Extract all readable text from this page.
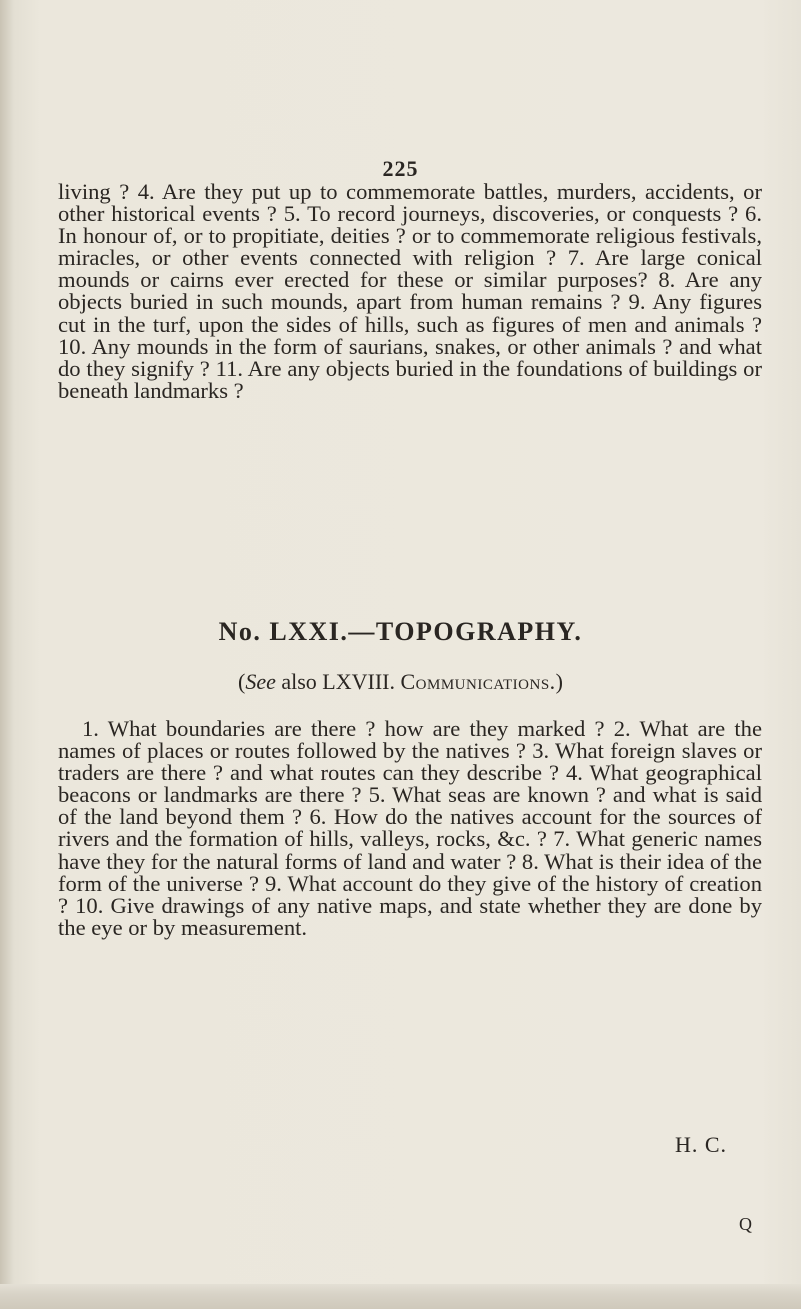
225

living ? 4. Are they put up to commemorate battles, murders, accidents, or other historical events ? 5. To record journeys, discoveries, or conquests ? 6. In honour of, or to propitiate, deities ? or to commemorate religious festivals, miracles, or other events connected with religion ? 7. Are large conical mounds or cairns ever erected for these or similar purposes? 8. Are any objects buried in such mounds, apart from human remains ? 9. Any figures cut in the turf, upon the sides of hills, such as figures of men and animals ? 10. Any mounds in the form of saurians, snakes, or other animals ? and what do they signify ? 11. Are any objects buried in the foundations of buildings or beneath landmarks ?

No. LXXI.—TOPOGRAPHY.
(See also LXVIII. Communications.)

1. What boundaries are there ? how are they marked ? 2. What are the names of places or routes followed by the natives ? 3. What foreign slaves or traders are there ? and what routes can they describe ? 4. What geographical beacons or landmarks are there ? 5. What seas are known ? and what is said of the land beyond them ? 6. How do the natives account for the sources of rivers and the formation of hills, valleys, rocks, &c. ? 7. What generic names have they for the natural forms of land and water ? 8. What is their idea of the form of the universe ? 9. What account do they give of the history of creation ? 10. Give drawings of any native maps, and state whether they are done by the eye or by measurement.

H. C.
Q
